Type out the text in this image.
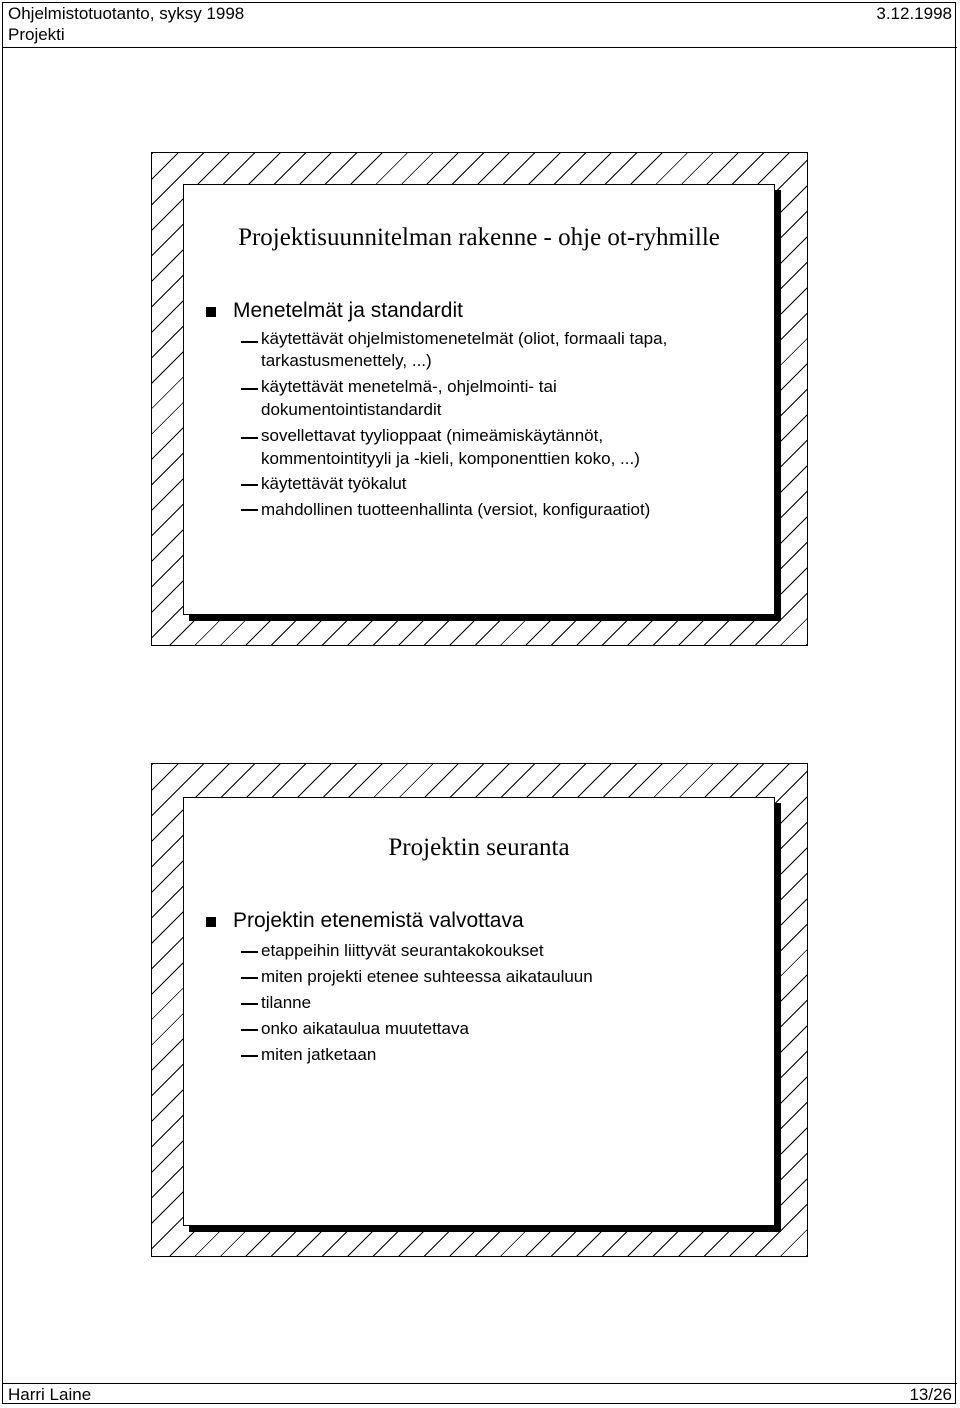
Ohjelmistotuotanto, syksy 1998	3.12.1998
Projekti
Projektisuunnitelman rakenne - ohje ot-ryhmille
Menetelmät ja standardit
käytettävät ohjelmistomenetelmät (oliot, formaali tapa,
tarkastusmenettely, ...)
käytettävät menetelmä-, ohjelmointi- tai
dokumentointistandardit
sovellettavat tyylioppaat (nimeämiskäytännöt,
kommentointityyli ja -kieli, komponenttien koko, ...)
käytettävät työkalut
mahdollinen tuotteenhallinta (versiot, konfiguraatiot)
Projektin seuranta
Projektin etenemistä valvottava
etappeihin liittyvät seurantakokoukset
miten projekti etenee suhteessa aikatauluun
tilanne
onko aikataulua muutettava
miten jatketaan
Harri Laine	13/26
